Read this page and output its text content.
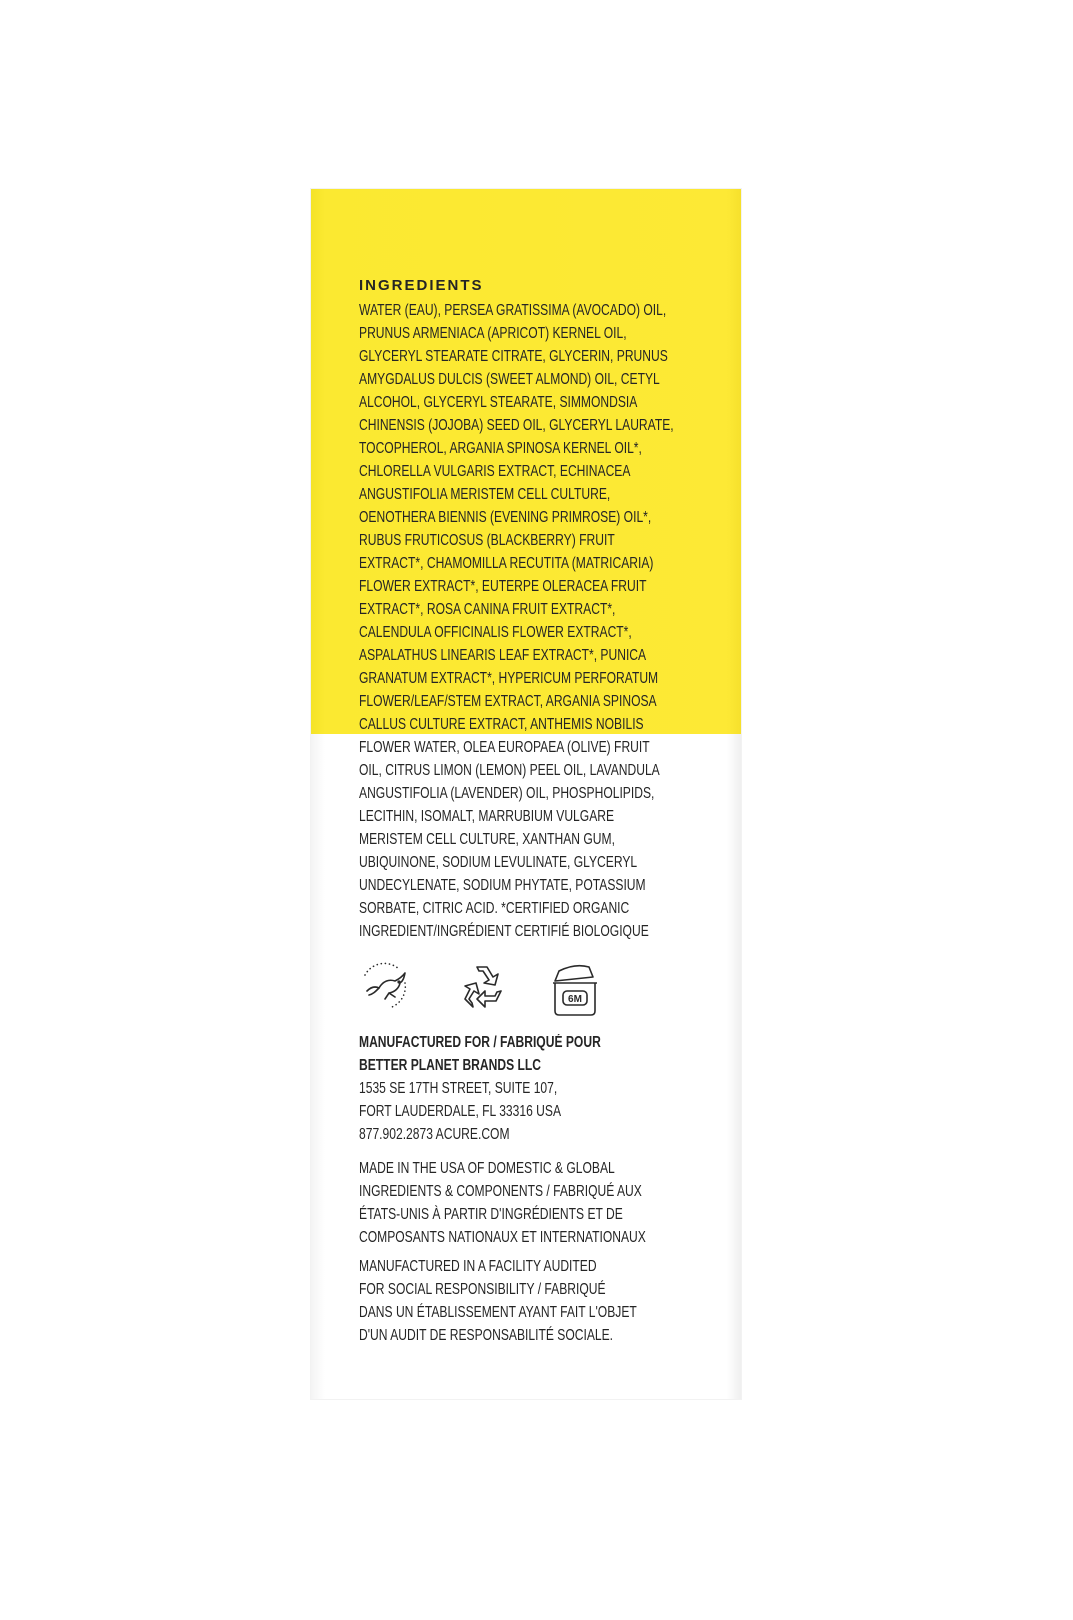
INGREDIENTS
WATER (EAU), PERSEA GRATISSIMA (AVOCADO) OIL,
PRUNUS ARMENIACA (APRICOT) KERNEL OIL,
GLYCERYL STEARATE CITRATE, GLYCERIN, PRUNUS
AMYGDALUS DULCIS (SWEET ALMOND) OIL, CETYL
ALCOHOL, GLYCERYL STEARATE, SIMMONDSIA
CHINENSIS (JOJOBA) SEED OIL, GLYCERYL LAURATE,
TOCOPHEROL, ARGANIA SPINOSA KERNEL OIL*,
CHLORELLA VULGARIS EXTRACT, ECHINACEA
ANGUSTIFOLIA MERISTEM CELL CULTURE,
OENOTHERA BIENNIS (EVENING PRIMROSE) OIL*,
RUBUS FRUTICOSUS (BLACKBERRY) FRUIT
EXTRACT*, CHAMOMILLA RECUTITA (MATRICARIA)
FLOWER EXTRACT*, EUTERPE OLERACEA FRUIT
EXTRACT*, ROSA CANINA FRUIT EXTRACT*,
CALENDULA OFFICINALIS FLOWER EXTRACT*,
ASPALATHUS LINEARIS LEAF EXTRACT*, PUNICA
GRANATUM EXTRACT*, HYPERICUM PERFORATUM
FLOWER/LEAF/STEM EXTRACT, ARGANIA SPINOSA
CALLUS CULTURE EXTRACT, ANTHEMIS NOBILIS
FLOWER WATER, OLEA EUROPAEA (OLIVE) FRUIT
OIL, CITRUS LIMON (LEMON) PEEL OIL, LAVANDULA
ANGUSTIFOLIA (LAVENDER) OIL, PHOSPHOLIPIDS,
LECITHIN, ISOMALT, MARRUBIUM VULGARE
MERISTEM CELL CULTURE, XANTHAN GUM,
UBIQUINONE, SODIUM LEVULINATE, GLYCERYL
UNDECYLENATE, SODIUM PHYTATE, POTASSIUM
SORBATE, CITRIC ACID. *CERTIFIED ORGANIC
INGREDIENT/INGRÉDIENT CERTIFIÉ BIOLOGIQUE
6M
MANUFACTURED FOR / FABRIQUÉ POUR
BETTER PLANET BRANDS LLC
1535 SE 17TH STREET, SUITE 107,
FORT LAUDERDALE, FL 33316 USA
877.902.2873 ACURE.COM
MADE IN THE USA OF DOMESTIC & GLOBAL
INGREDIENTS & COMPONENTS / FABRIQUÉ AUX
ÉTATS-UNIS À PARTIR D'INGRÉDIENTS ET DE
COMPOSANTS NATIONAUX ET INTERNATIONAUX
MANUFACTURED IN A FACILITY AUDITED
FOR SOCIAL RESPONSIBILITY / FABRIQUÉ
DANS UN ÉTABLISSEMENT AYANT FAIT L'OBJET
D'UN AUDIT DE RESPONSABILITÉ SOCIALE.
